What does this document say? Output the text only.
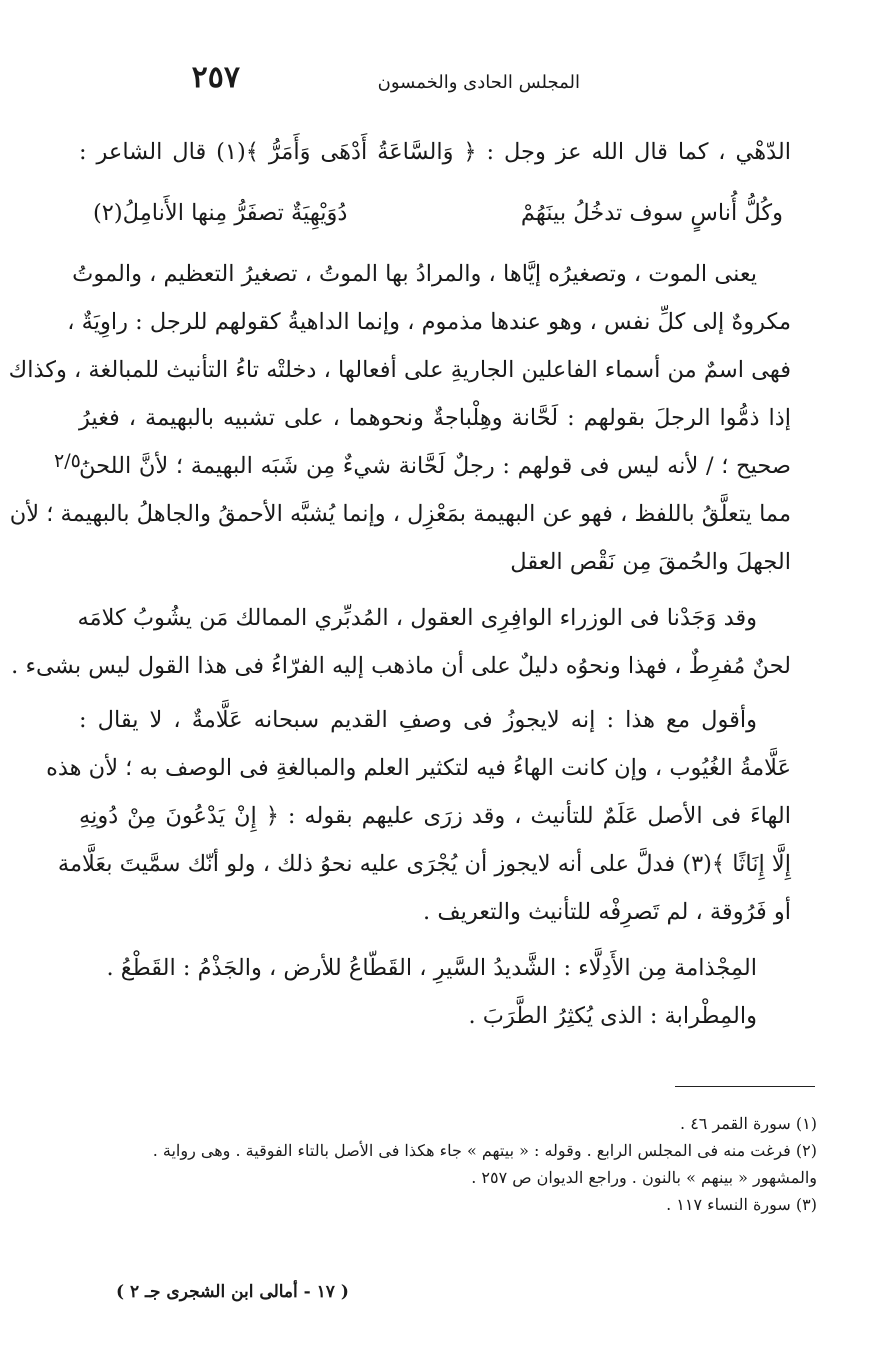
٢٥٧	المجلس الحادى والخمسون
الدّهْي ، كما قال الله عز وجل : ﴿ وَالسَّاعَةُ أَدْهَى وَأَمَرُّ ﴾(١) قال الشاعر :
وكُلُّ أُناسٍ سوف تدخُلُ بينَهُمْ
دُوَيْهِيَةٌ تصفَرُّ مِنها الأَنامِلُ(٢)
يعنى الموت ، وتصغيرُه إيَّاها ، والمرادُ بها الموتُ ، تصغيرُ التعظيم ، والموتُ
مكروهٌ إلى كلِّ نفس ، وهو عندها مذموم ، وإنما الداهيةُ كقولهم للرجل : راوِيَةٌ ،
فهى اسمٌ من أسماء الفاعلين الجاريةِ على أفعالها ، دخلتْه تاءُ التأنيث للمبالغة ، وكذاك
إذا ذمُّوا الرجلَ بقولهم : لَحَّانة وهِلْباجةٌ ونحوهما ، على تشبيه بالبهيمة ، فغيرُ
صحيح ؛ / لأنه ليس فى قولهم : رجلٌ لَحَّانة شيءٌ مِن شَبَه البهيمة ؛ لأنَّ اللحنَ
مما يتعلَّقُ باللفظ ، فهو عن البهيمة بمَعْزِل ، وإنما يُشبَّه الأحمقُ والجاهلُ بالبهيمة ؛ لأن
الجهلَ والحُمقَ مِن نَقْص العقل
وقد وَجَدْنا فى الوزراء الوافِرِى العقول ، المُدبِّري الممالك مَن يشُوبُ كلامَه
لحنٌ مُفرِطٌ ، فهذا ونحوُه دليلٌ على أن ماذهب إليه الفرّاءُ فى هذا القول ليس بشىء .
وأقول مع هذا : إنه لايجوزُ فى وصفِ القديم سبحانه عَلَّامةٌ ، لا يقال :
عَلَّامةُ الغُيُوب ، وإن كانت الهاءُ فيه لتكثير العلم والمبالغةِ فى الوصف به ؛ لأن هذه
الهاءَ فى الأصل عَلَمٌ للتأنيث ، وقد زرَى عليهم بقوله : ﴿ إِنْ يَدْعُونَ مِنْ دُونِهِ
إِلَّا إِنَاثًا ﴾(٣) فدلَّ على أنه لايجوز أن يُجْرَى عليه نحوُ ذلك ، ولو أنّك سمَّيتَ بعَلَّامة
أو فَرُوقة ، لم تَصرِفْه للتأنيث والتعريف .
المِجْذامة مِن الأَدِلَّاء : الشَّديدُ السَّيرِ ، القَطّاعُ للأرض ، والجَذْمُ : القَطْعُ .
والمِطْرابة : الذى يُكثِرُ الطَّرَبَ .
٢/٥٠
(١) سورة القمر ٤٦ .
(٢) فرغت منه فى المجلس الرابع . وقوله : « بيتهم » جاء هكذا فى الأصل بالتاء الفوقية . وهى رواية .
والمشهور « بينهم » بالنون . وراجع الديوان ص ٢٥٧ .
(٣) سورة النساء ١١٧ .
( ١٧ - أمالى ابن الشجرى جـ ٢ )
